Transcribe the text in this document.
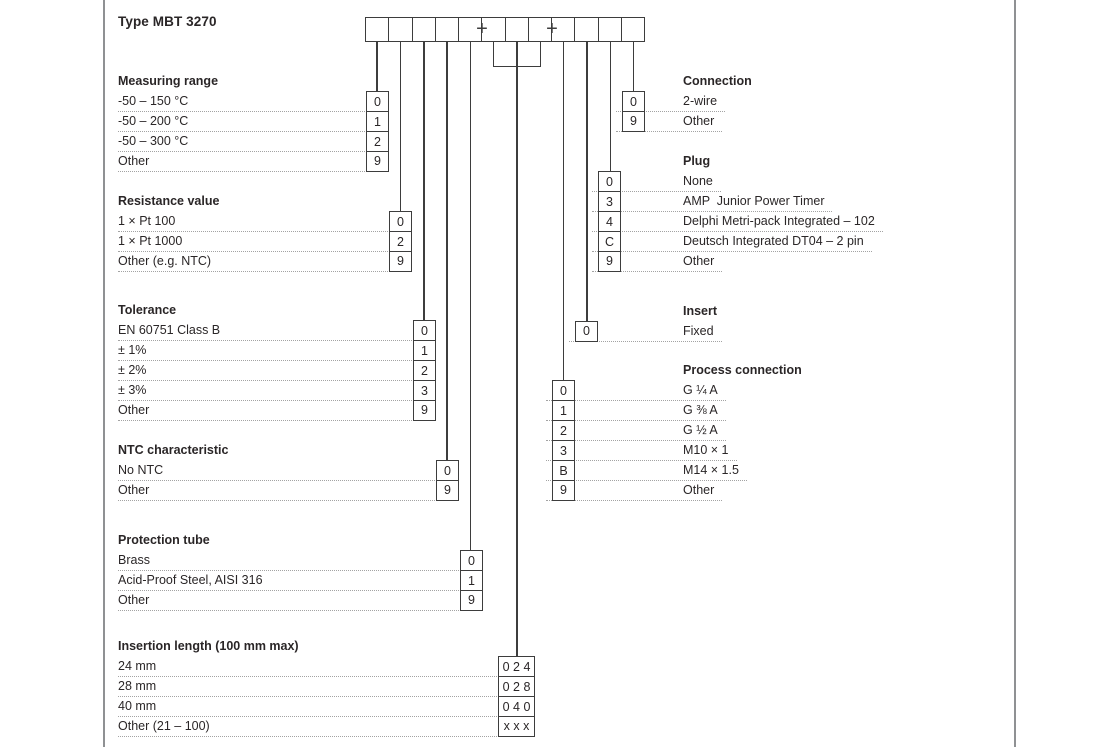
Type MBT 3270	+	+
Measuring range
-50 – 150 °C
-50 – 200 °C
-50 – 300 °C
Other
0
1
2
9
Resistance value
1 × Pt 100
1 × Pt 1000
Other (e.g. NTC)
0
2
9
Tolerance
EN 60751 Class B
± 1%
± 2%
± 3%
Other
0
1
2
3
9
NTC characteristic
No NTC
Other
0
9
Protection tube
Brass
Acid-Proof Steel, AISI 316
Other
0
1
9
Insertion length (100 mm max)
24 mm
28 mm
40 mm
Other (21 – 100)
024
028
040
xxx
Connection
2-wire
Other
0
9
Plug
None
AMP  Junior Power Timer
Delphi Metri-pack Integrated – 102
Deutsch Integrated DT04 – 2 pin
Other
0
3
4
C
9
Insert
Fixed
0
Process connection
G ¼ A
G ⅜ A
G ½ A
M10 × 1
M14 × 1.5
Other
0
1
2
3
B
9
